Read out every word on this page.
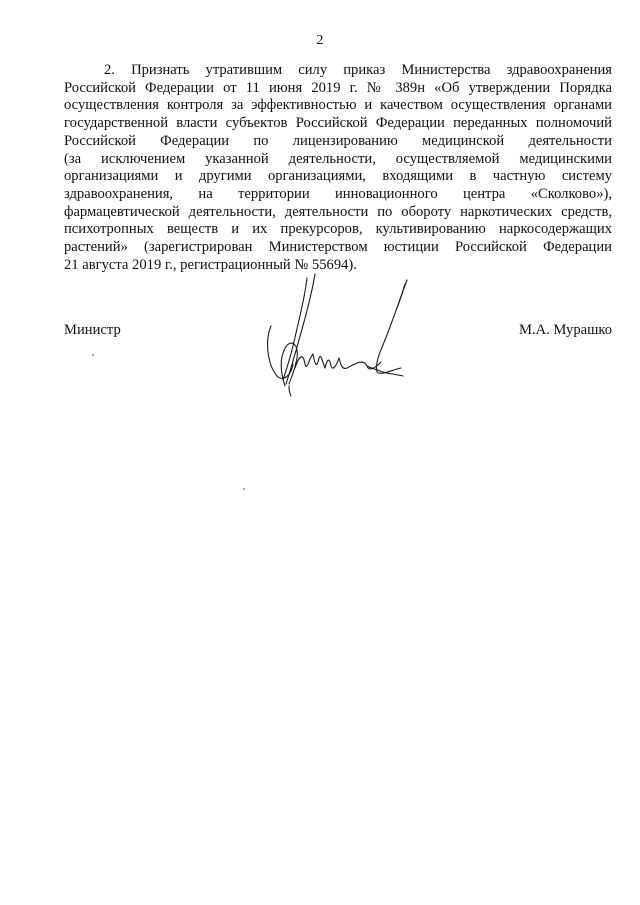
2
2. Признать утратившим силу приказ Министерства здравоохранения
Российской Федерации от 11 июня 2019 г. № 389н «Об утверждении Порядка
осуществления контроля за эффективностью и качеством осуществления органами
государственной власти субъектов Российской Федерации переданных полномочий
Российской Федерации по лицензированию медицинской деятельности
(за исключением указанной деятельности, осуществляемой медицинскими
организациями и другими организациями, входящими в частную систему
здравоохранения, на территории инновационного центра «Сколково»),
фармацевтической деятельности, деятельности по обороту наркотических средств,
психотропных веществ и их прекурсоров, культивированию наркосодержащих
растений» (зарегистрирован Министерством юстиции Российской Федерации
21 августа 2019 г., регистрационный № 55694).
Министр	М.А. Мурашко
